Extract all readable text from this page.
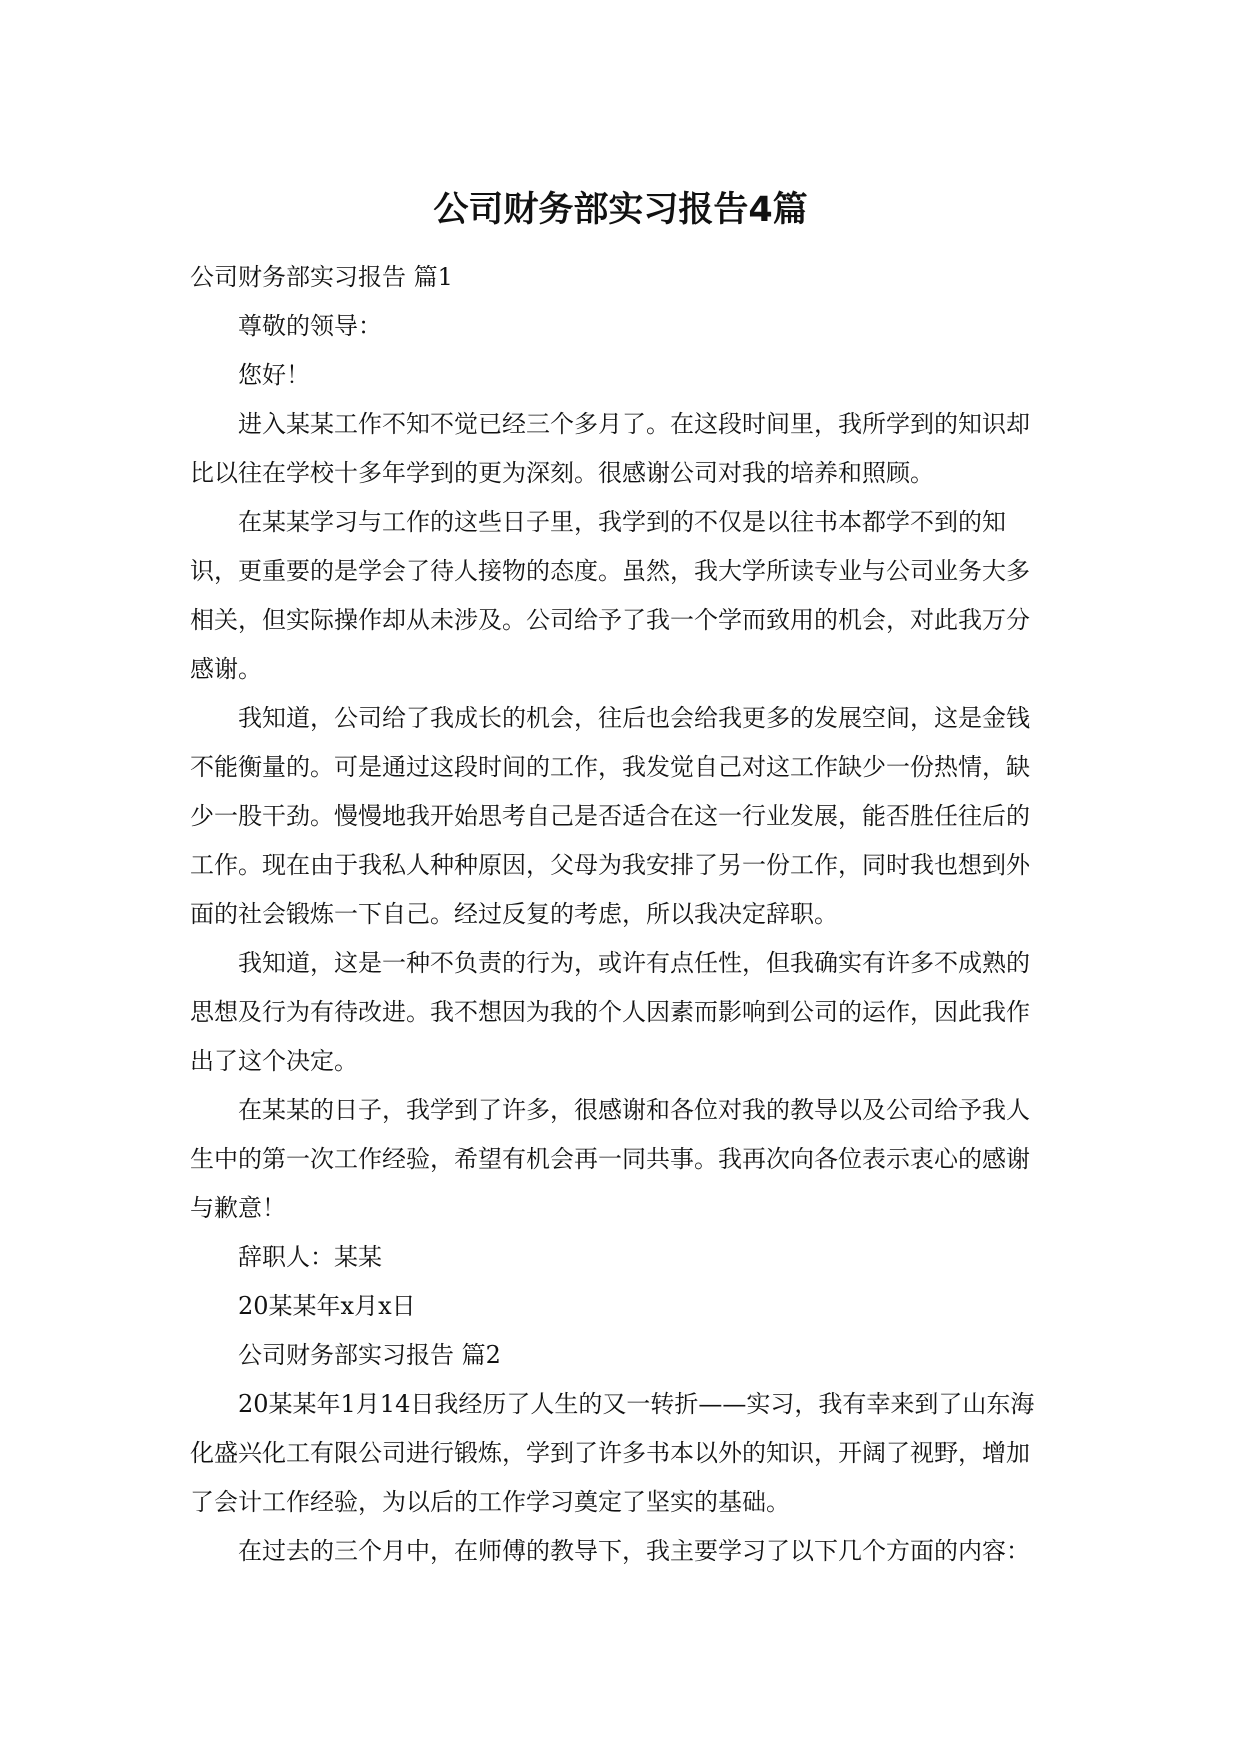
公司财务部实习报告4篇

公司财务部实习报告 篇1

尊敬的领导：

您好！

进入某某工作不知不觉已经三个多月了。在这段时间里，我所学到的知识却比以往在学校十多年学到的更为深刻。很感谢公司对我的培养和照顾。

在某某学习与工作的这些日子里，我学到的不仅是以往书本都学不到的知识，更重要的是学会了待人接物的态度。虽然，我大学所读专业与公司业务大多相关，但实际操作却从未涉及。公司给予了我一个学而致用的机会，对此我万分感谢。

我知道，公司给了我成长的机会，往后也会给我更多的发展空间，这是金钱不能衡量的。可是通过这段时间的工作，我发觉自己对这工作缺少一份热情，缺少一股干劲。慢慢地我开始思考自己是否适合在这一行业发展，能否胜任往后的工作。现在由于我私人种种原因，父母为我安排了另一份工作，同时我也想到外面的社会锻炼一下自己。经过反复的考虑，所以我决定辞职。

我知道，这是一种不负责的行为，或许有点任性，但我确实有许多不成熟的思想及行为有待改进。我不想因为我的个人因素而影响到公司的运作，因此我作出了这个决定。

在某某的日子，我学到了许多，很感谢和各位对我的教导以及公司给予我人生中的第一次工作经验，希望有机会再一同共事。我再次向各位表示衷心的感谢与歉意！

辞职人：某某

20某某年x月x日

公司财务部实习报告 篇2

20某某年1月14日我经历了人生的又一转折——实习，我有幸来到了山东海化盛兴化工有限公司进行锻炼，学到了许多书本以外的知识，开阔了视野，增加了会计工作经验，为以后的工作学习奠定了坚实的基础。

在过去的三个月中，在师傅的教导下，我主要学习了以下几个方面的内容：
